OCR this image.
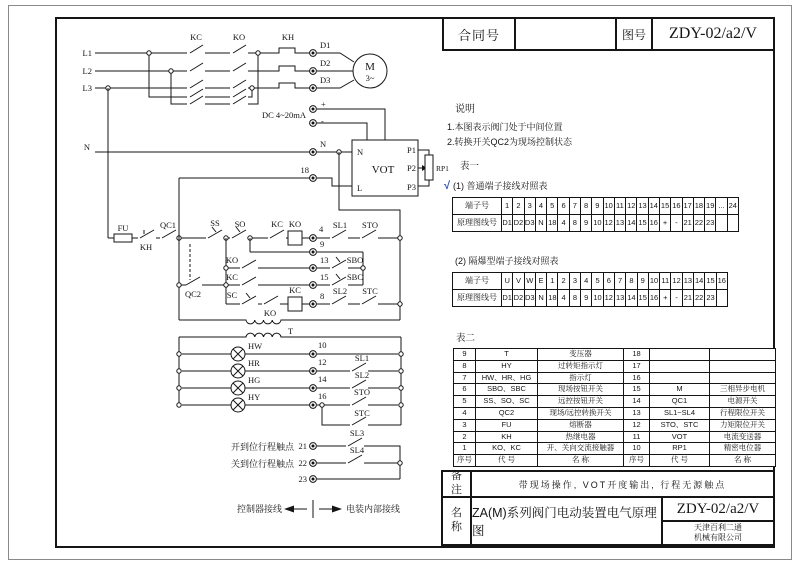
L1
L2
L3
KC	KO	KH
D1
D2
D3
M
3~
DC 4~20mA
+
-
N	N
18
N
L
VOT
P1
P2
P3
RP1
FU
KH
QC1	SS SO	KC KO 4 SL1 STO
9
KO	13 SBO
QC2
KC	15 SBC
SC
KO
KC
8 SL2 STC
T
HW
HR
HG
HY
10
12
14
16
SL1
SL2
STO
STC
开到位行程触点
关到位行程触点
21
22
23
SL3
SL4
控制器接线	电装内部接线
合同号	图号	ZDY-02/a2/V
说明
1.本图表示阀门处于中间位置
2.转换开关QC2为现场控制状态
表一
√ (1) 普通端子接线对照表
端子号	1	2	3	4	5	6	7	8	9	10	11	12	13	14	15	16	17	18	19	...	24
原理图线号	D1	D2	D3	N	18	4	8	9	10	12	13	14	15	16	+	-	21	22	23		
(2) 隔爆型端子接线对照表
端子号	U	V	W	E	1	2	3	4	5	6	7	8	9	10	11	12	13	14	15	16
原理图线号	D1	D2	D3	N	18	4	8	9	10	12	13	14	15	16	+	-	21	22	23	
表二
9	T	变压器	18		
8	HY	过转矩指示灯	17		
7	HW、HR、HG	指示灯	16		
6	SBO、SBC	现场按钮开关	15	M	三相异步电机
5	SS、SO、SC	远控按钮开关	14	QC1	电源开关
4	QC2	现场/远控转换开关	13	SL1~SL4	行程限位开关
3	FU	熔断器	12	STO、STC	力矩限位开关
2	KH	热继电器	11	VOT	电流变送器
1	KO、KC	开、关向交流接触器	10	RP1	精密电位器
序号	代 号	名 称	序号	代 号	名 称
备注	带现场操作, VOT开度输出, 行程无源触点
名称
ZA(M)系列阀门电动装置电气原理图
ZDY-02/a2/V
天津百利二通
机械有限公司
